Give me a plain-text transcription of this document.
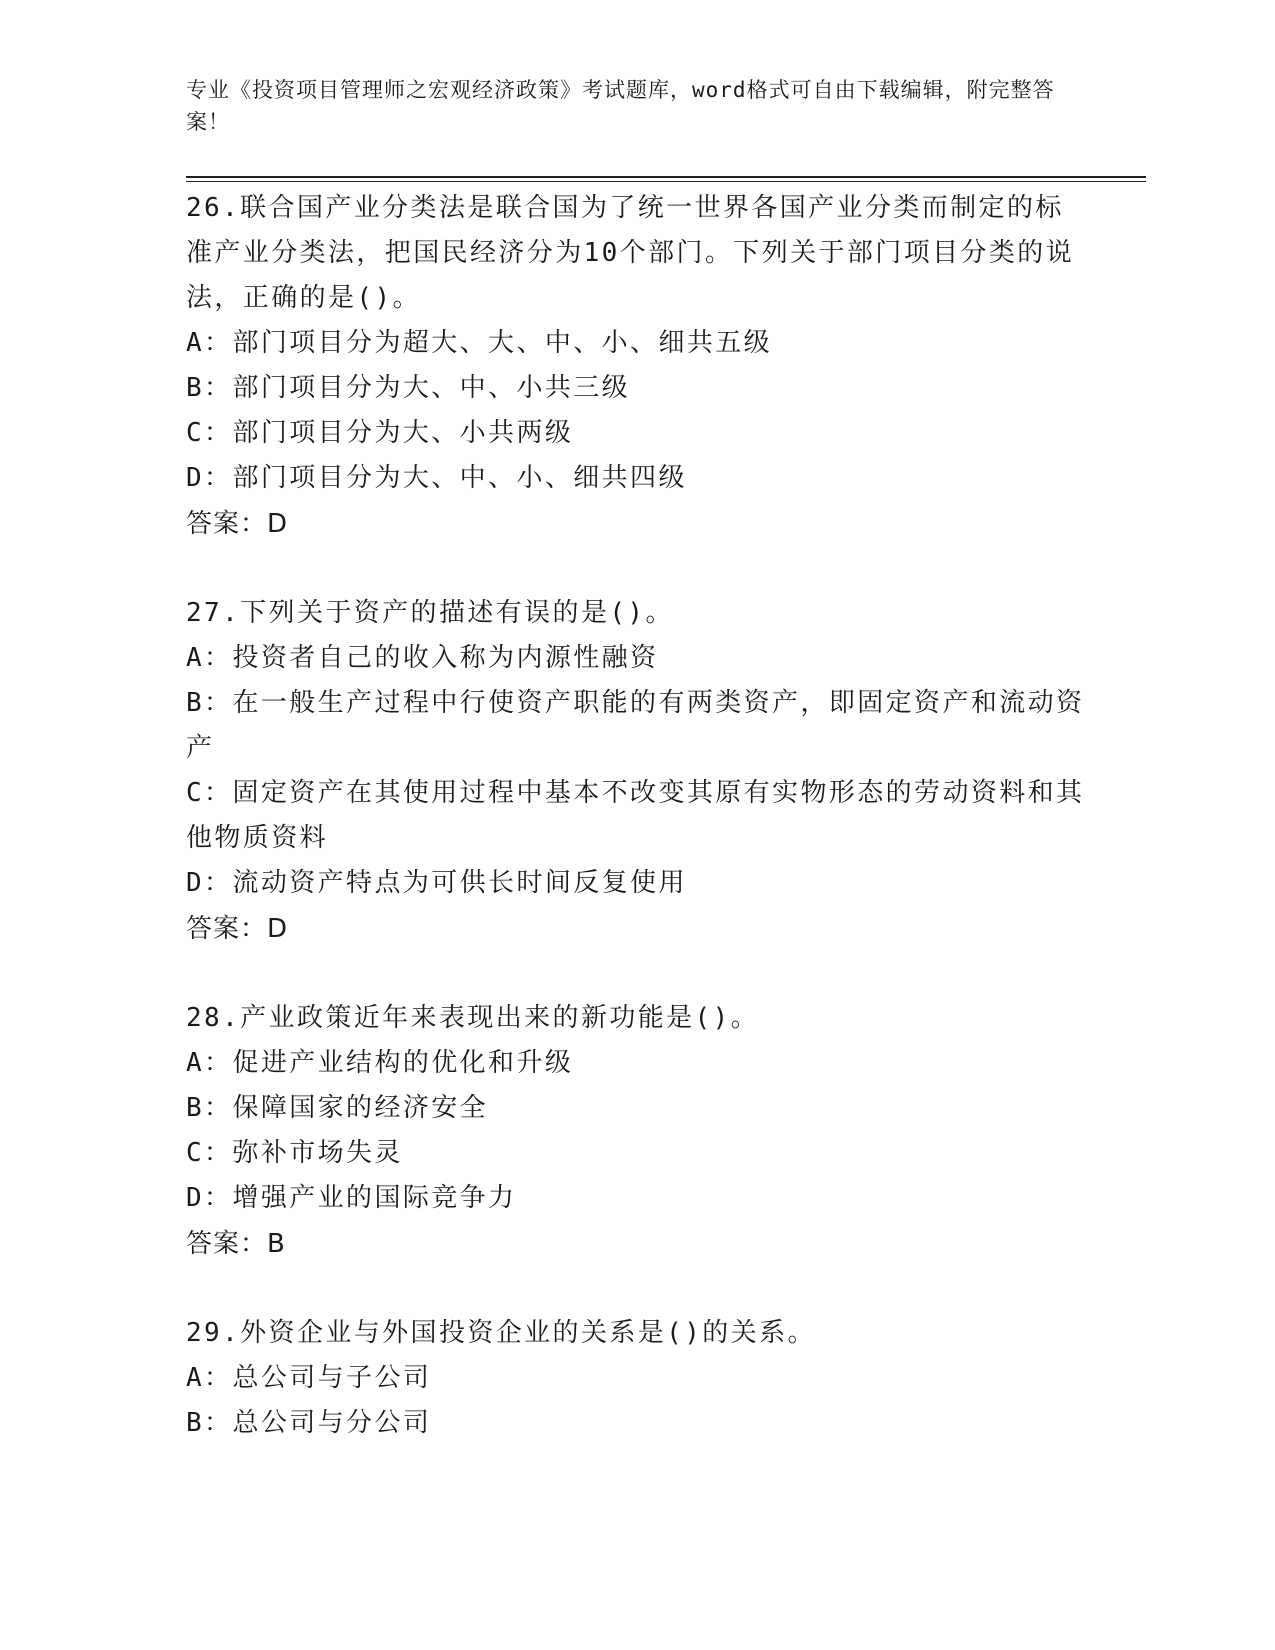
专业《投资项目管理师之宏观经济政策》考试题库，word格式可自由下载编辑，附完整答案！

26.联合国产业分类法是联合国为了统一世界各国产业分类而制定的标准产业分类法，把国民经济分为10个部门。下列关于部门项目分类的说法，正确的是()。

A：部门项目分为超大、大、中、小、细共五级

B：部门项目分为大、中、小共三级

C：部门项目分为大、小共两级

D：部门项目分为大、中、小、细共四级

答案：D

27.下列关于资产的描述有误的是()。

A：投资者自己的收入称为内源性融资

B：在一般生产过程中行使资产职能的有两类资产，即固定资产和流动资产

C：固定资产在其使用过程中基本不改变其原有实物形态的劳动资料和其他物质资料

D：流动资产特点为可供长时间反复使用

答案：D

28.产业政策近年来表现出来的新功能是()。

A：促进产业结构的优化和升级

B：保障国家的经济安全

C：弥补市场失灵

D：增强产业的国际竞争力

答案：B

29.外资企业与外国投资企业的关系是()的关系。

A：总公司与子公司

B：总公司与分公司
